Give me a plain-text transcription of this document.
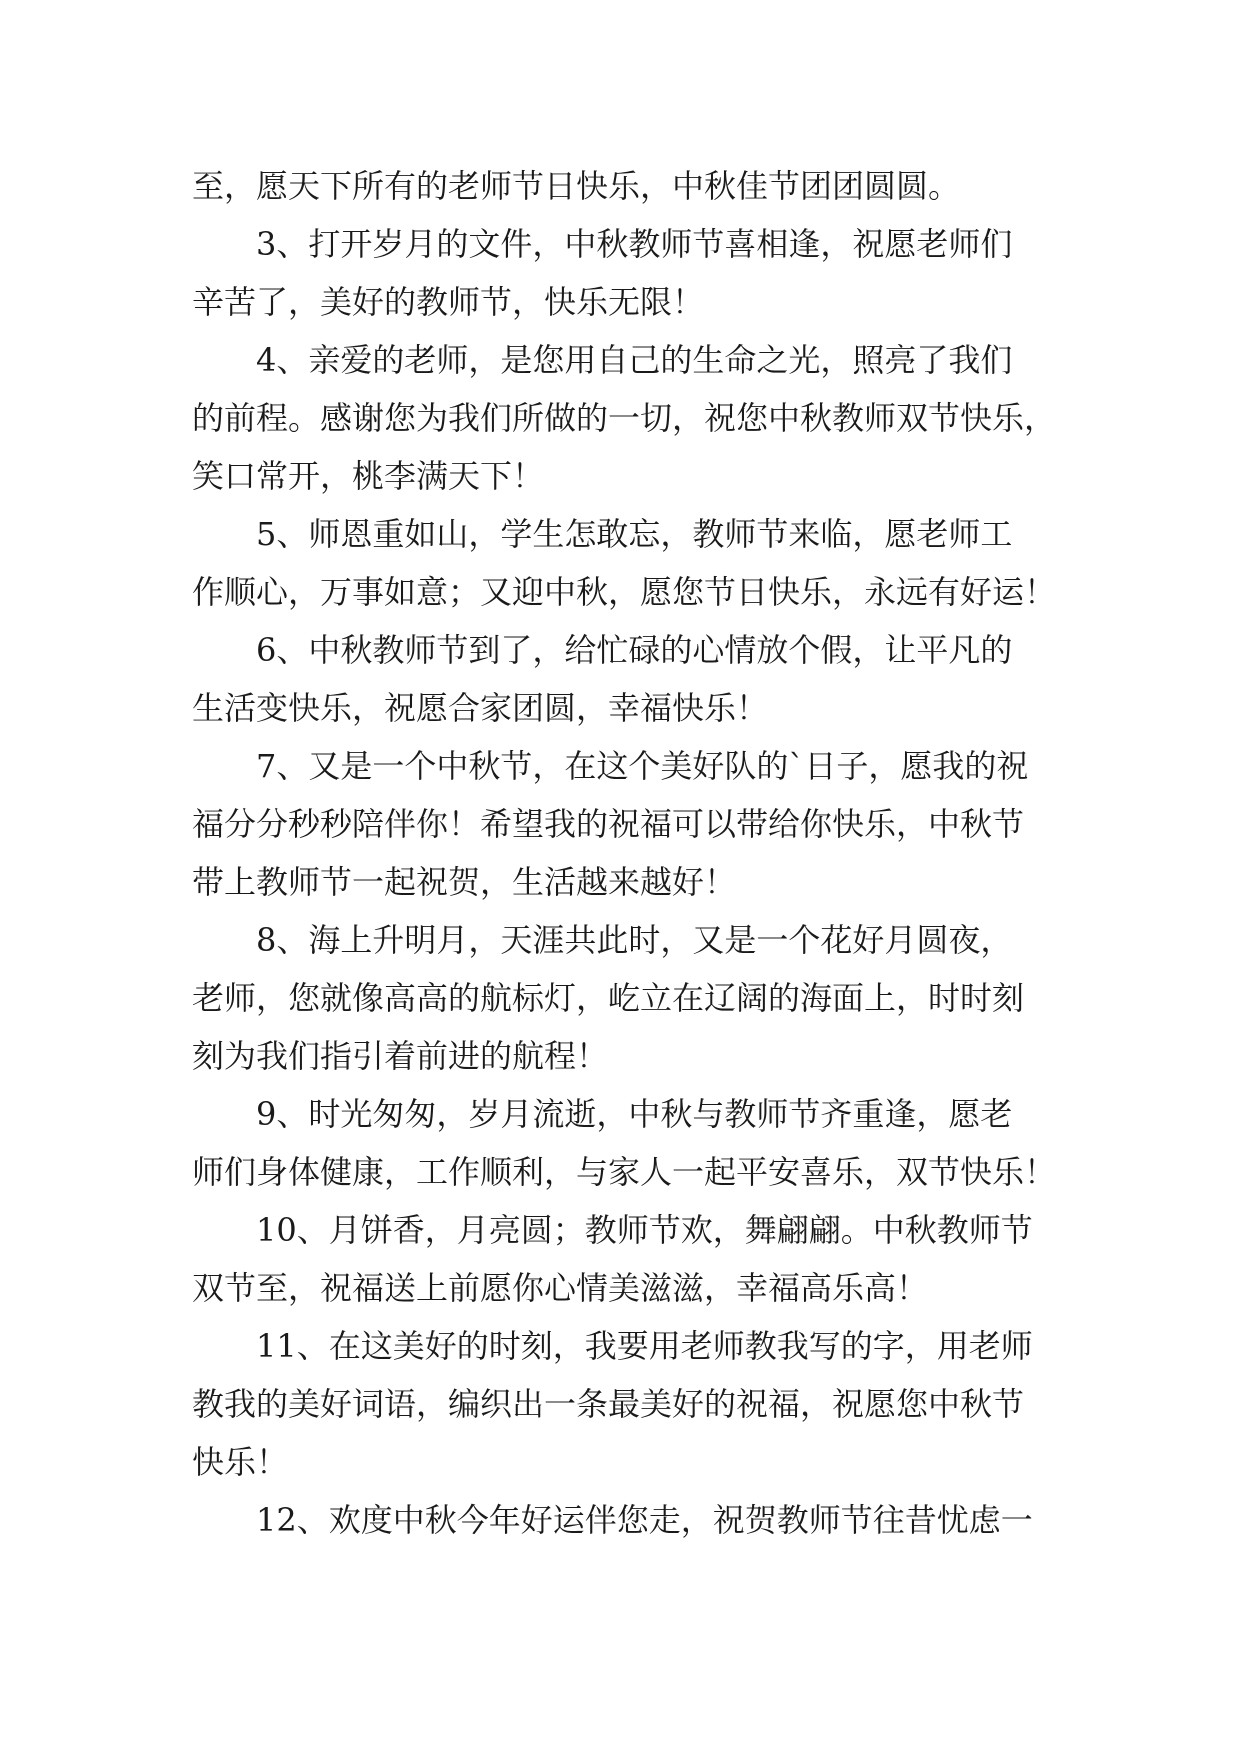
至，愿天下所有的老师节日快乐，中秋佳节团团圆圆。
3、打开岁月的文件，中秋教师节喜相逢，祝愿老师们
辛苦了，美好的教师节，快乐无限！
4、亲爱的老师，是您用自己的生命之光，照亮了我们
的前程。感谢您为我们所做的一切，祝您中秋教师双节快乐，
笑口常开，桃李满天下！
5、师恩重如山，学生怎敢忘，教师节来临，愿老师工
作顺心，万事如意；又迎中秋，愿您节日快乐，永远有好运！
6、中秋教师节到了，给忙碌的心情放个假，让平凡的
生活变快乐，祝愿合家团圆，幸福快乐！
7、又是一个中秋节，在这个美好队的`日子，愿我的祝
福分分秒秒陪伴你！希望我的祝福可以带给你快乐，中秋节
带上教师节一起祝贺，生活越来越好！
8、海上升明月，天涯共此时，又是一个花好月圆夜，
老师，您就像高高的航标灯，屹立在辽阔的海面上，时时刻
刻为我们指引着前进的航程！
9、时光匆匆，岁月流逝，中秋与教师节齐重逢，愿老
师们身体健康，工作顺利，与家人一起平安喜乐，双节快乐！
10、月饼香，月亮圆；教师节欢，舞翩翩。中秋教师节
双节至，祝福送上前愿你心情美滋滋，幸福高乐高！
11、在这美好的时刻，我要用老师教我写的字，用老师
教我的美好词语，编织出一条最美好的祝福，祝愿您中秋节
快乐！
12、欢度中秋今年好运伴您走，祝贺教师节往昔忧虑一
